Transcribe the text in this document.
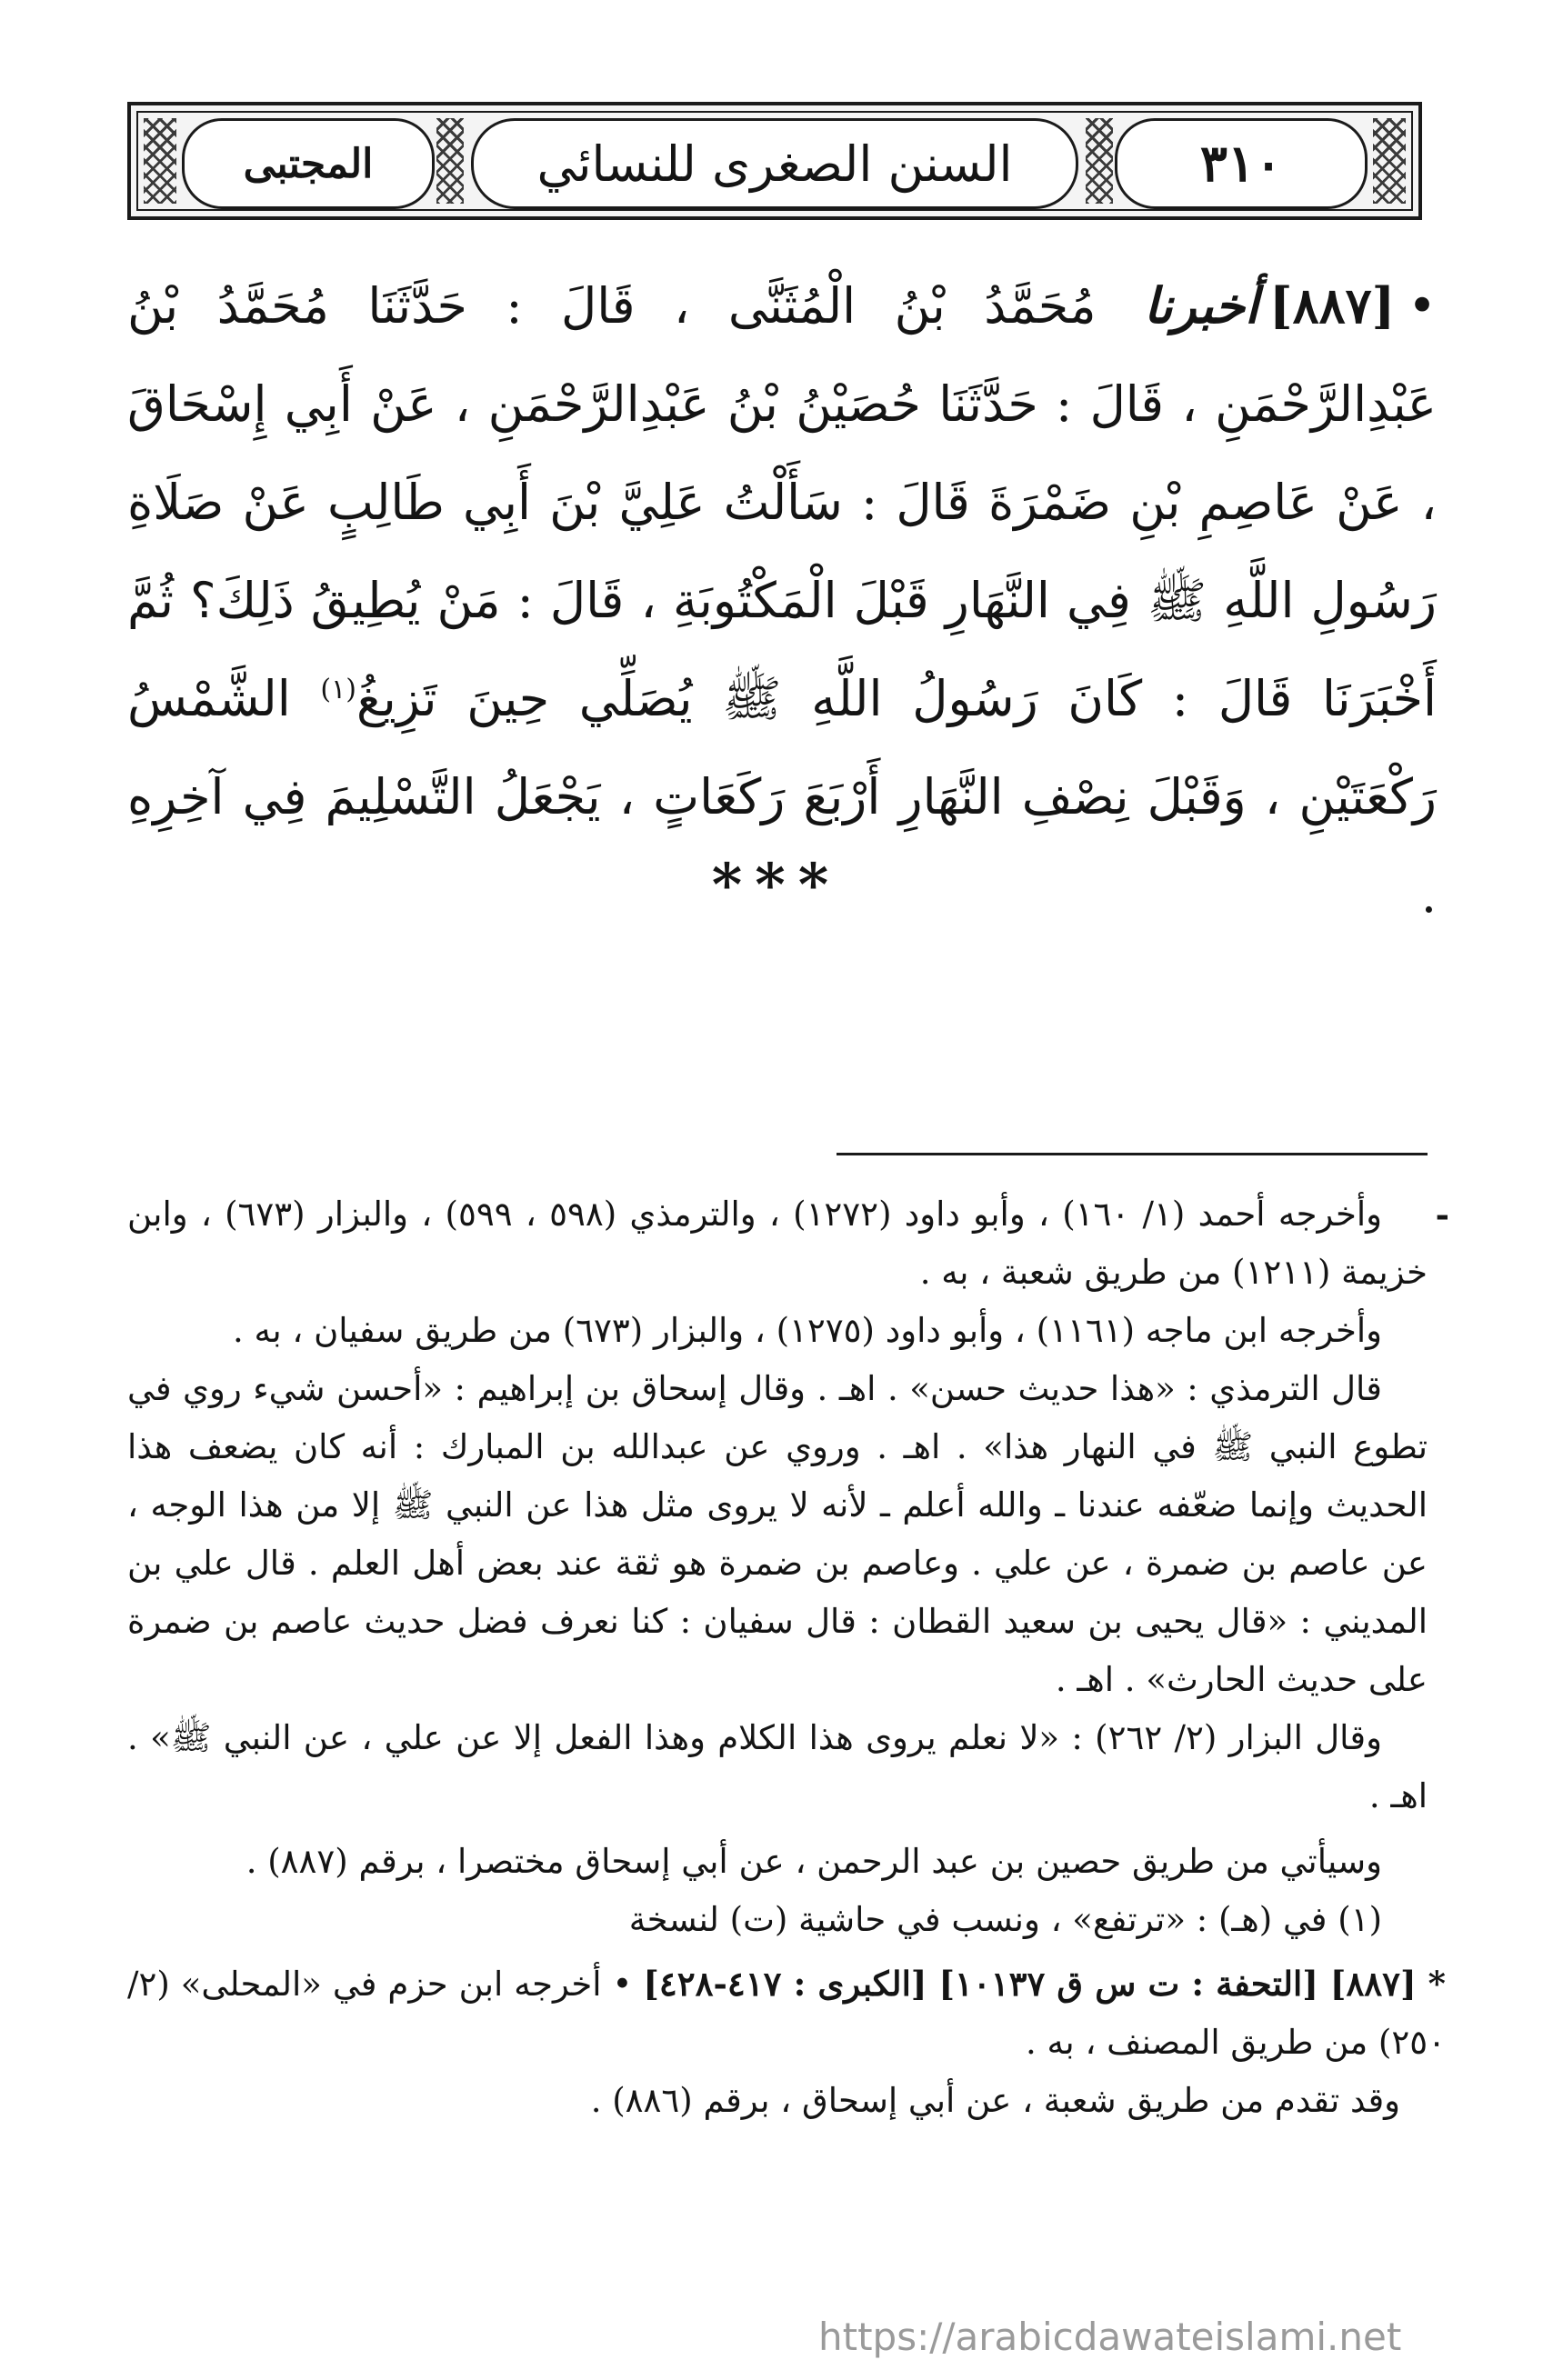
المجتبى	السنن الصغرى للنسائي	٣١٠

•[٨٨٧]أخبرنا مُحَمَّدُ بْنُ الْمُثَنَّى ، قَالَ : حَدَّثَنَا مُحَمَّدُ بْنُ عَبْدِالرَّحْمَنِ ، قَالَ : حَدَّثَنَا حُصَيْنُ بْنُ عَبْدِالرَّحْمَنِ ، عَنْ أَبِي إِسْحَاقَ ، عَنْ عَاصِمِ بْنِ ضَمْرَةَ قَالَ : سَأَلْتُ عَلِيَّ بْنَ أَبِي طَالِبٍ عَنْ صَلَاةِ رَسُولِ اللَّهِ ﷺ فِي النَّهَارِ قَبْلَ الْمَكْتُوبَةِ ، قَالَ : مَنْ يُطِيقُ ذَلِكَ؟ ثُمَّ أَخْبَرَنَا قَالَ : كَانَ رَسُولُ اللَّهِ ﷺ يُصَلِّي حِينَ تَزِيغُ$^{(١)}$ الشَّمْسُ رَكْعَتَيْنِ ، وَقَبْلَ نِصْفِ النَّهَارِ أَرْبَعَ رَكَعَاتٍ ، يَجْعَلُ التَّسْلِيمَ فِي آخِرِهِ .

***
-

وأخرجه أحمد (١/ ١٦٠) ، وأبو داود (١٢٧٢) ، والترمذي (٥٩٨ ، ٥٩٩) ، والبزار (٦٧٣) ، وابن خزيمة (١٢١١) من طريق شعبة ، به .

وأخرجه ابن ماجه (١١٦١) ، وأبو داود (١٢٧٥) ، والبزار (٦٧٣) من طريق سفيان ، به .

قال الترمذي : «هذا حديث حسن» . اهـ . وقال إسحاق بن إبراهيم : «أحسن شيء روي في تطوع النبي ﷺ في النهار هذا» . اهـ . وروي عن عبدالله بن المبارك : أنه كان يضعف هذا الحديث وإنما ضعّفه عندنا ـ والله أعلم ـ لأنه لا يروى مثل هذا عن النبي ﷺ إلا من هذا الوجه ، عن عاصم بن ضمرة ، عن علي . وعاصم بن ضمرة هو ثقة عند بعض أهل العلم . قال علي بن المديني : «قال يحيى بن سعيد القطان : قال سفيان : كنا نعرف فضل حديث عاصم بن ضمرة على حديث الحارث» . اهـ .

وقال البزار (٢/ ٢٦٢) : «لا نعلم يروى هذا الكلام وهذا الفعل إلا عن علي ، عن النبي ﷺ» . اهـ .

وسيأتي من طريق حصين بن عبد الرحمن ، عن أبي إسحاق مختصرا ، برقم (٨٨٧) .

(١) في (هـ) : «ترتفع» ، ونسب في حاشية (ت) لنسخة

* [٨٨٧] [التحفة : ت س ق ١٠١٣٧] [الكبرى : ٤١٧-٤٢٨] • أخرجه ابن حزم في «المحلى» (٢/ ٢٥٠) من طريق المصنف ، به .

وقد تقدم من طريق شعبة ، عن أبي إسحاق ، برقم (٨٨٦) .

https://arabicdawateislami.net
